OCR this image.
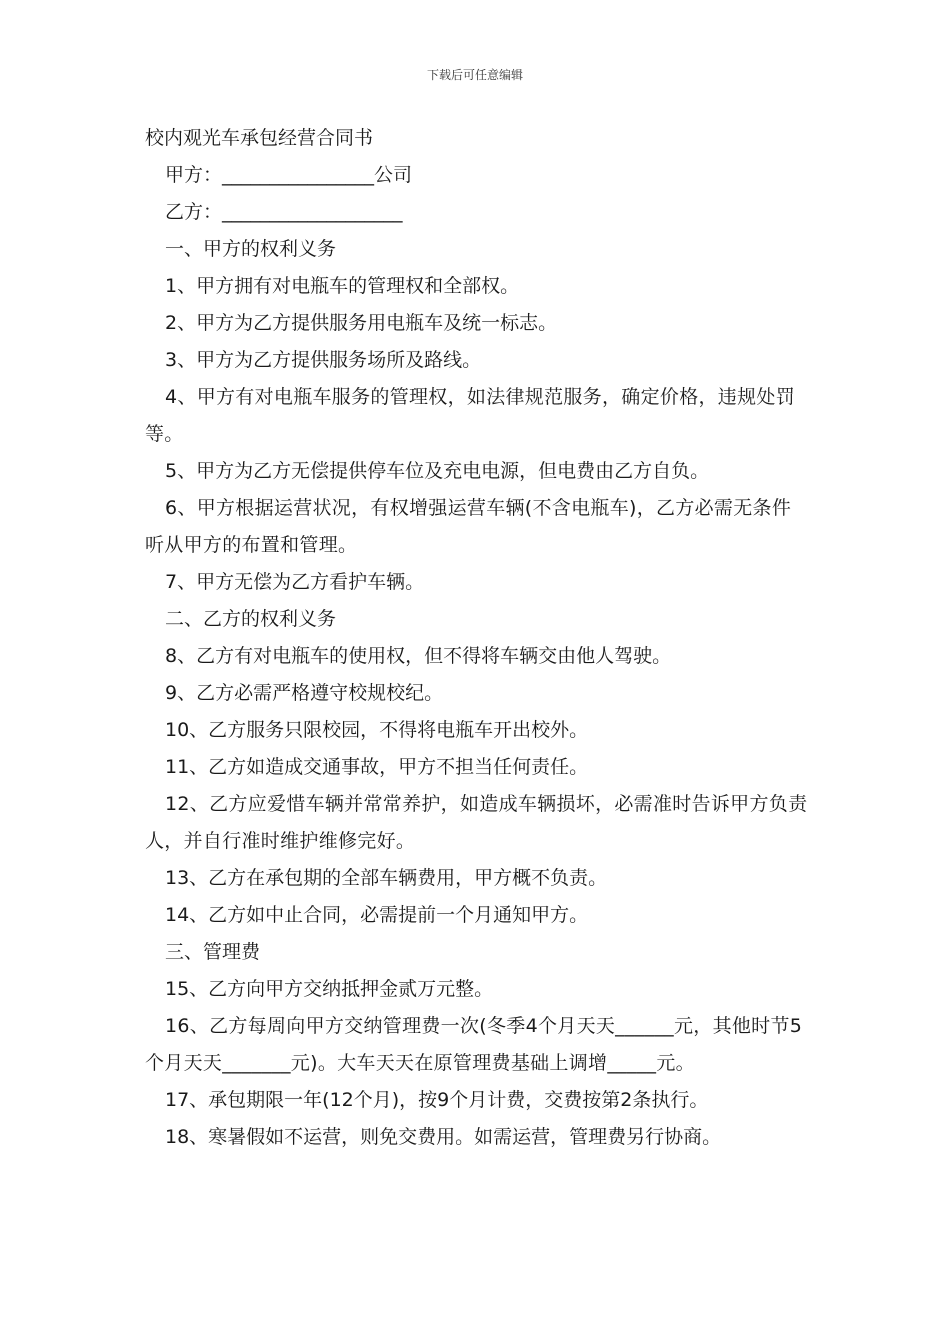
下载后可任意编辑
校内观光车承包经营合同书
甲方：________________公司
乙方：___________________
一、甲方的权利义务
1、甲方拥有对电瓶车的管理权和全部权。
2、甲方为乙方提供服务用电瓶车及统一标志。
3、甲方为乙方提供服务场所及路线。
4、甲方有对电瓶车服务的管理权，如法律规范服务，确定价格，违规处罚等。
5、甲方为乙方无偿提供停车位及充电电源，但电费由乙方自负。
6、甲方根据运营状况，有权增强运营车辆(不含电瓶车)，乙方必需无条件听从甲方的布置和管理。
7、甲方无偿为乙方看护车辆。
二、乙方的权利义务
8、乙方有对电瓶车的使用权，但不得将车辆交由他人驾驶。
9、乙方必需严格遵守校规校纪。
10、乙方服务只限校园，不得将电瓶车开出校外。
11、乙方如造成交通事故，甲方不担当任何责任。
12、乙方应爱惜车辆并常常养护，如造成车辆损坏，必需准时告诉甲方负责人，并自行准时维护维修完好。
13、乙方在承包期的全部车辆费用，甲方概不负责。
14、乙方如中止合同，必需提前一个月通知甲方。
三、管理费
15、乙方向甲方交纳抵押金贰万元整。
16、乙方每周向甲方交纳管理费一次(冬季4个月天天______元，其他时节5个月天天_______元)。大车天天在原管理费基础上调增_____元。
17、承包期限一年(12个月)，按9个月计费，交费按第2条执行。
18、寒暑假如不运营，则免交费用。如需运营，管理费另行协商。
